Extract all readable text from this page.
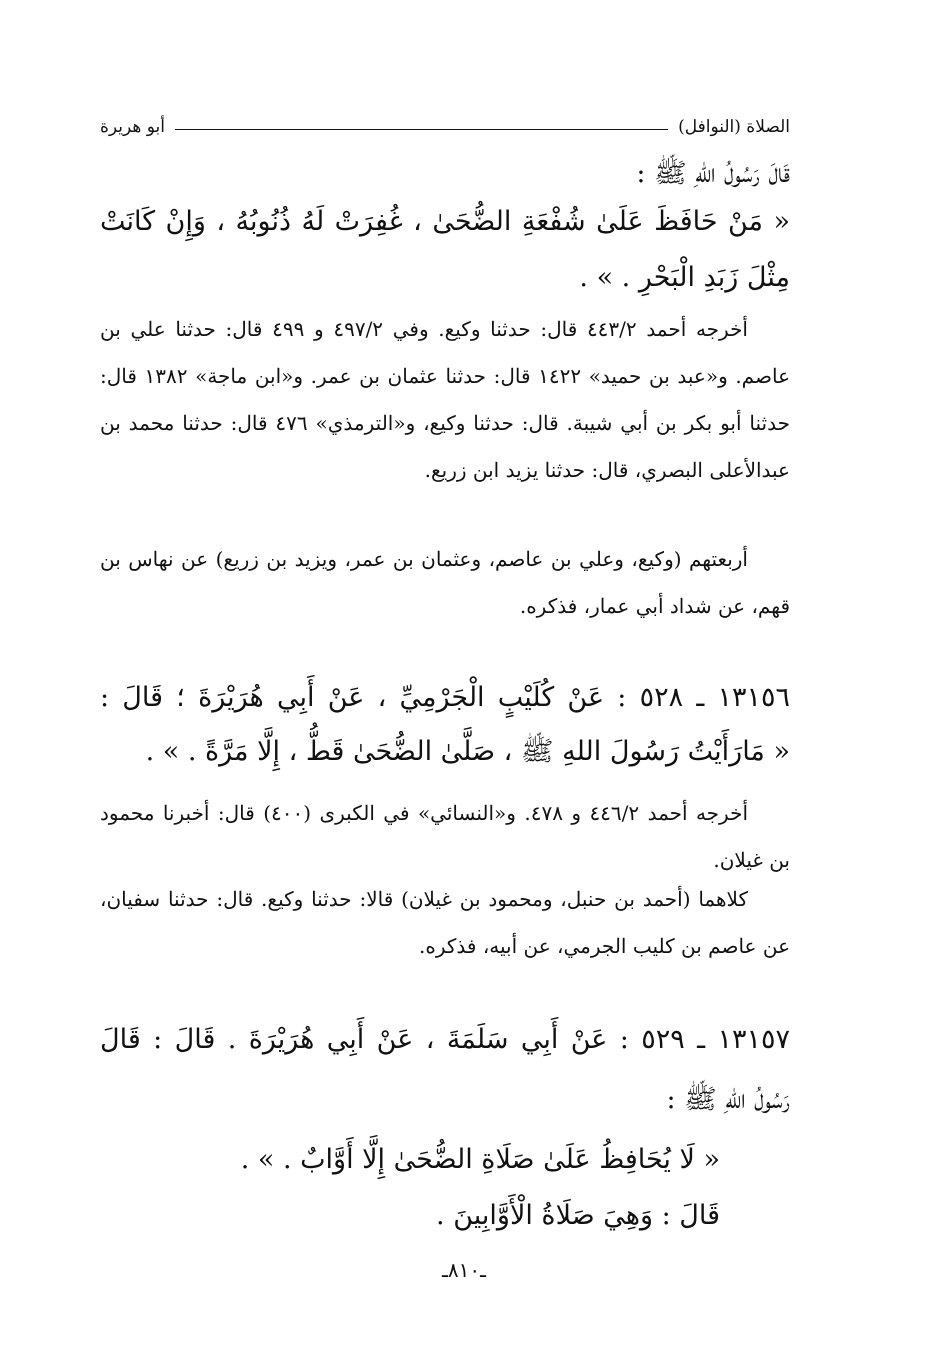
الصلاة (النوافل)
أبو هريرة
قَالَ رَسُولُ اللهِ ﷺ :
« مَنْ حَافَظَ عَلَىٰ شُفْعَةِ الضُّحَىٰ ، غُفِرَتْ لَهُ ذُنُوبُهُ ، وَإِنْ كَانَتْ
مِثْلَ زَبَدِ الْبَحْرِ . » .

أخرجه أحمد ٤٤٣/٢ قال: حدثنا وكيع. وفي ٤٩٧/٢ و ٤٩٩ قال: حدثنا علي بن عاصم. و«عبد بن حميد» ١٤٢٢ قال: حدثنا عثمان بن عمر. و«ابن ماجة» ١٣٨٢ قال: حدثنا أبو بكر بن أبي شيبة. قال: حدثنا وكيع، و«الترمذي» ٤٧٦ قال: حدثنا محمد بن عبدالأعلى البصري، قال: حدثنا يزيد ابن زريع.

أربعتهم (وكيع، وعلي بن عاصم، وعثمان بن عمر، ويزيد بن زريع) عن نهاس بن قهم، عن شداد أبي عمار، فذكره.

١٣١٥٦ ـ ٥٢٨ : عَنْ كُلَيْبٍ الْجَرْمِيِّ ، عَنْ أَبِي هُرَيْرَةَ ؛ قَالَ :
« مَارَأَيْتُ رَسُولَ اللهِ ﷺ ، صَلَّىٰ الضُّحَىٰ قَطُّ ، إِلَّا مَرَّةً . » .

أخرجه أحمد ٤٤٦/٢ و ٤٧٨. و«النسائي» في الكبرى (٤٠٠) قال: أخبرنا محمود بن غيلان.

كلاهما (أحمد بن حنبل، ومحمود بن غيلان) قالا: حدثنا وكيع. قال: حدثنا سفيان، عن عاصم بن كليب الجرمي، عن أبيه، فذكره.

١٣١٥٧ ـ ٥٢٩ : عَنْ أَبِي سَلَمَةَ ، عَنْ أَبِي هُرَيْرَةَ . قَالَ : قَالَ
رَسُولُ اللهِ ﷺ :
« لَا يُحَافِظُ عَلَىٰ صَلَاةِ الضُّحَىٰ إِلَّا أَوَّابٌ . » .
قَالَ : وَهِيَ صَلَاةُ الْأَوَّابِينَ .
ـ٨١٠ـ
